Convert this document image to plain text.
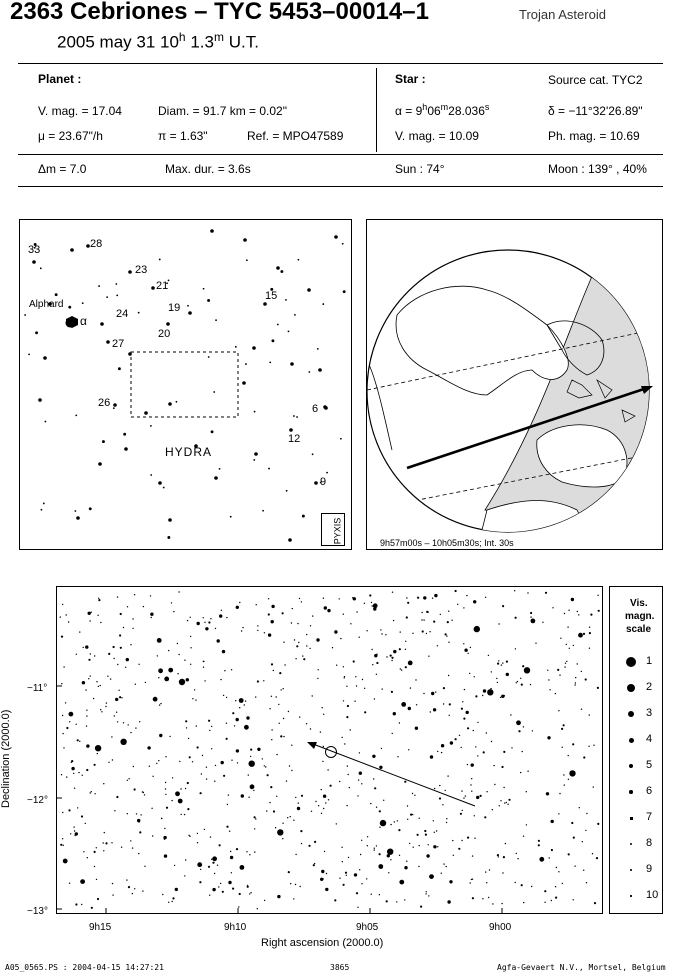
2363 Cebriones – TYC 5453–00014–1	Trojan Asteroid
2005 may 31 10$^h$ 1.3$^m$ U.T.
Planet :
V. mag. = 17.04	Diam. = 91.7 km = 0.02"
μ = 23.67"/h	π = 1.63"	Ref. = MPO47589
Star :	Source cat. TYC2
$\alpha = 9^h06^m28.036^s$	δ = −11°32'26.89"
V. mag. = 10.09	Ph. mag. = 10.69
Δm = 7.0	Max. dur. = 3.6s	Sun : 74°	Moon : 139° , 40%
HYDRA
Alphard
α
PYXIS
33	28
23
21
19
20
24
27
26
15
6
12
9
9h57m00s – 10h05m30s; Int. 30s
Declination (2000.0)
−11°
−12°
−13°
9h15	9h10	9h05	9h00
Right ascension (2000.0)
Vis.
magn.
scale
1
2
3
4
5
6
7
8
9
10
A05_0565.PS : 2004-04-15 14:27:21	3865	Agfa-Gevaert N.V., Mortsel, Belgium
